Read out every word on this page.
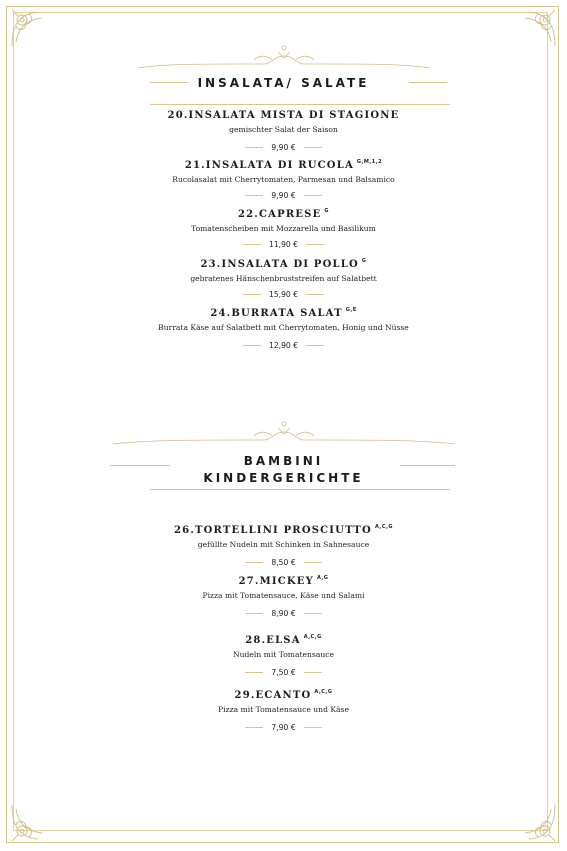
INSALATA/ SALATE
20.INSALATA MISTA DI STAGIONE
gemischter Salat der Saison
9,90 €
21.INSALATA DI RUCOLA $^{G,M,1,2}$
Rucolasalat mit Cherrytomaten, Parmesan und Balsamico
9,90 €
22.CAPRESE $^G$
Tomatenscheiben mit Mozzarella und Basilikum
11,90 €
23.INSALATA DI POLLO $^G$
gebratenes Hänschenbruststreifen auf Salatbett
15,90 €
24.BURRATA SALAT $^{G,E}$
Burrata Käse auf Salatbett mit Cherrytomaten, Honig und Nüsse
12,90 €
BAMBINI
KINDERGERICHTE
26.TORTELLINI PROSCIUTTO $^{A,C,G}$
gefüllte Nudeln mit Schinken in Sahnesauce
8,50 €
27.MICKEY $^{A,G}$
Pizza mit Tomatensauce, Käse und Salami
8,90 €
28.ELSA $^{A,C,G}$
Nudeln mit Tomatensauce
7,50 €
29.ECANTO $^{A,C,G}$
Pizza mit Tomatensauce und Käse
7,90 €
